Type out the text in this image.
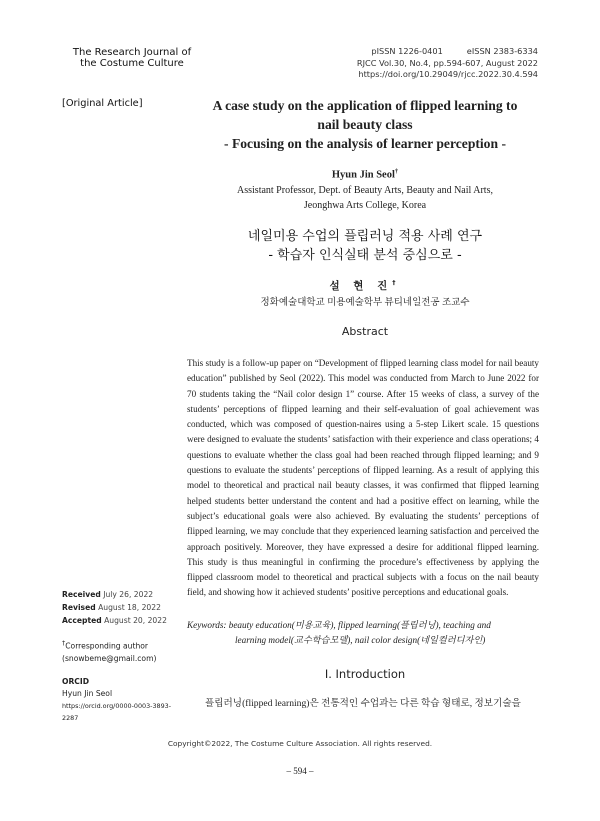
The Research Journal of
the Costume Culture
pISSN 1226-0401	eISSN 2383-6334
RJCC Vol.30, No.4, pp.594-607, August 2022
https://doi.org/10.29049/rjcc.2022.30.4.594
[Original Article]	A case study on the application of flipped learning to
nail beauty class
- Focusing on the analysis of learner perception -
Hyun Jin Seol†
Assistant Professor, Dept. of Beauty Arts, Beauty and Nail Arts,
Jeonghwa Arts College, Korea
네일미용 수업의 플립러닝 적용 사례 연구
- 학습자 인식실태 분석 중심으로 -
설 현 진†
정화예술대학교 미용예술학부 뷰티네일전공 조교수
Abstract
This study is a follow-up paper on “Development of flipped learning class model for nail beauty education” published by Seol (2022). This model was conducted from March to June 2022 for 70 students taking the “Nail color design 1” course. After 15 weeks of class, a survey of the students’ perceptions of flipped learning and their self-evaluation of goal achievement was conducted, which was composed of question-naires using a 5-step Likert scale. 15 questions were designed to evaluate the students’ satisfaction with their experience and class operations; 4 questions to evaluate whether the class goal had been reached through flipped learning; and 9 questions to evaluate the students’ perceptions of flipped learning. As a result of applying this model to theoretical and practical nail beauty classes, it was confirmed that flipped learning helped students better understand the content and had a positive effect on learning, while the subject’s educational goals were also achieved. By evaluating the students’ perceptions of flipped learning, we may conclude that they experienced learning satisfaction and perceived the approach positively. Moreover, they have expressed a desire for additional flipped learning. This study is thus meaningful in confirming the procedure’s effectiveness by applying the flipped classroom model to theoretical and practical subjects with a focus on the nail beauty field, and showing how it achieved students’ positive perceptions and educational goals.
Keywords: beauty education(미용교육), flipped learning(플립러닝), teaching and
learning model(교수학습모델), nail color design(네일컬러디자인)
Received July 26, 2022
Revised August 18, 2022
Accepted August 20, 2022
†Corresponding author
(snowbeme@gmail.com)
ORCID
Hyun Jin Seol
https://orcid.org/0000-0003-3893-2287
Ⅰ. Introduction
플립러닝(flipped learning)은 전통적인 수업과는 다른 학습 형태로, 정보기술을
Copyright©2022, The Costume Culture Association. All rights reserved.
– 594 –
